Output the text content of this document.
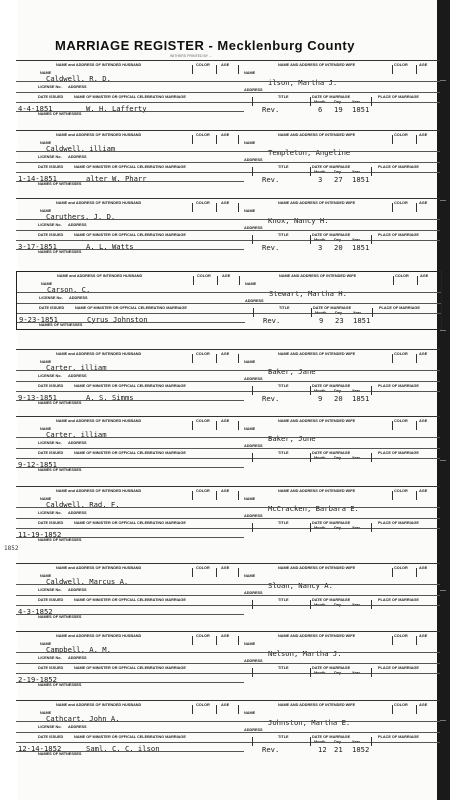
MARRIAGE REGISTER - Mecklenburg County
WITHERS PRINTED BY ...
1852
NAME and ADDRESS OF INTENDED HUSBAND	COLOR	AGE	NAME AND ADDRESS OF INTENDED WIFE	COLOR	AGE
NAME	NAME
LICENSE No. ADDRESS
ADDRESS
DATE ISSUED	NAME OF MINISTER OR OFFICIAL CELEBRATING MARRIAGE	TITLE	DATE OF MARRIAGE	PLACE OF MARRIAGE
Month Day	Year
NAMES OF WITNESSES
Caldwell, R. D.	ilson, Martha J.
4-4-1851	W. H. Lafferty	Rev.	6 19 1851
NAME and ADDRESS OF INTENDED HUSBAND	COLOR	AGE	NAME AND ADDRESS OF INTENDED WIFE	COLOR	AGE
NAME	NAME
LICENSE No. ADDRESS
ADDRESS
DATE ISSUED	NAME OF MINISTER OR OFFICIAL CELEBRATING MARRIAGE	TITLE	DATE OF MARRIAGE	PLACE OF MARRIAGE
Month Day	Year
NAMES OF WITNESSES
Caldwell, illiam	Templeton, Angeline
1-14-1851	alter W. Pharr	Rev.	3 27 1851
NAME and ADDRESS OF INTENDED HUSBAND	COLOR	AGE	NAME AND ADDRESS OF INTENDED WIFE	COLOR	AGE
NAME	NAME
LICENSE No. ADDRESS
ADDRESS
DATE ISSUED	NAME OF MINISTER OR OFFICIAL CELEBRATING MARRIAGE	TITLE	DATE OF MARRIAGE	PLACE OF MARRIAGE
Month Day	Year
NAMES OF WITNESSES
Caruthers, J. D.	Knox, Nancy H.
3-17-1851	A. L. Watts	Rev.	3 20 1851
NAME and ADDRESS OF INTENDED HUSBAND	COLOR	AGE	NAME AND ADDRESS OF INTENDED WIFE	COLOR	AGE
NAME	NAME
LICENSE No. ADDRESS
ADDRESS
DATE ISSUED	NAME OF MINISTER OR OFFICIAL CELEBRATING MARRIAGE	TITLE	DATE OF MARRIAGE	PLACE OF MARRIAGE
Month Day	Year
NAMES OF WITNESSES
Carson, C.	Stewart, Martha H.
9-23-1851	Cyrus Johnston	Rev.	9 23 1851
NAME and ADDRESS OF INTENDED HUSBAND	COLOR	AGE	NAME AND ADDRESS OF INTENDED WIFE	COLOR	AGE
NAME	NAME
LICENSE No. ADDRESS
ADDRESS
DATE ISSUED	NAME OF MINISTER OR OFFICIAL CELEBRATING MARRIAGE	TITLE	DATE OF MARRIAGE	PLACE OF MARRIAGE
Month Day	Year
NAMES OF WITNESSES
Carter, illiam	Baker, Jane
9-13-1851	A. S. Simms	Rev.	9 20 1851
NAME and ADDRESS OF INTENDED HUSBAND	COLOR	AGE	NAME AND ADDRESS OF INTENDED WIFE	COLOR	AGE
NAME	NAME
LICENSE No. ADDRESS
ADDRESS
DATE ISSUED	NAME OF MINISTER OR OFFICIAL CELEBRATING MARRIAGE	TITLE	DATE OF MARRIAGE	PLACE OF MARRIAGE
Month Day	Year
NAMES OF WITNESSES
Carter, illiam	Baker, June
9-12-1851
NAME and ADDRESS OF INTENDED HUSBAND	COLOR	AGE	NAME AND ADDRESS OF INTENDED WIFE	COLOR	AGE
NAME	NAME
LICENSE No. ADDRESS
ADDRESS
DATE ISSUED	NAME OF MINISTER OR OFFICIAL CELEBRATING MARRIAGE	TITLE	DATE OF MARRIAGE	PLACE OF MARRIAGE
Month Day	Year
NAMES OF WITNESSES
Caldwell, Rad. F.	McCracken, Barbara E.
11-19-1852
NAME and ADDRESS OF INTENDED HUSBAND	COLOR	AGE	NAME AND ADDRESS OF INTENDED WIFE	COLOR	AGE
NAME	NAME
LICENSE No. ADDRESS
ADDRESS
DATE ISSUED	NAME OF MINISTER OR OFFICIAL CELEBRATING MARRIAGE	TITLE	DATE OF MARRIAGE	PLACE OF MARRIAGE
Month Day	Year
NAMES OF WITNESSES
Caldwell, Marcus A.	Sloan, Nancy A.
4-3-1852
NAME and ADDRESS OF INTENDED HUSBAND	COLOR	AGE	NAME AND ADDRESS OF INTENDED WIFE	COLOR	AGE
NAME	NAME
LICENSE No. ADDRESS
ADDRESS
DATE ISSUED	NAME OF MINISTER OR OFFICIAL CELEBRATING MARRIAGE	TITLE	DATE OF MARRIAGE	PLACE OF MARRIAGE
Month Day	Year
NAMES OF WITNESSES
Campbell, A. M.	Nelson, Martha J.
2-19-1852
NAME and ADDRESS OF INTENDED HUSBAND	COLOR	AGE	NAME AND ADDRESS OF INTENDED WIFE	COLOR	AGE
NAME	NAME
LICENSE No. ADDRESS
ADDRESS
DATE ISSUED	NAME OF MINISTER OR OFFICIAL CELEBRATING MARRIAGE	TITLE	DATE OF MARRIAGE	PLACE OF MARRIAGE
Month Day	Year
NAMES OF WITNESSES
Cathcart, John A.	Johnston, Martha E.
12-14-1852	Saml. C. C. ilson	Rev.	12 21 1852
